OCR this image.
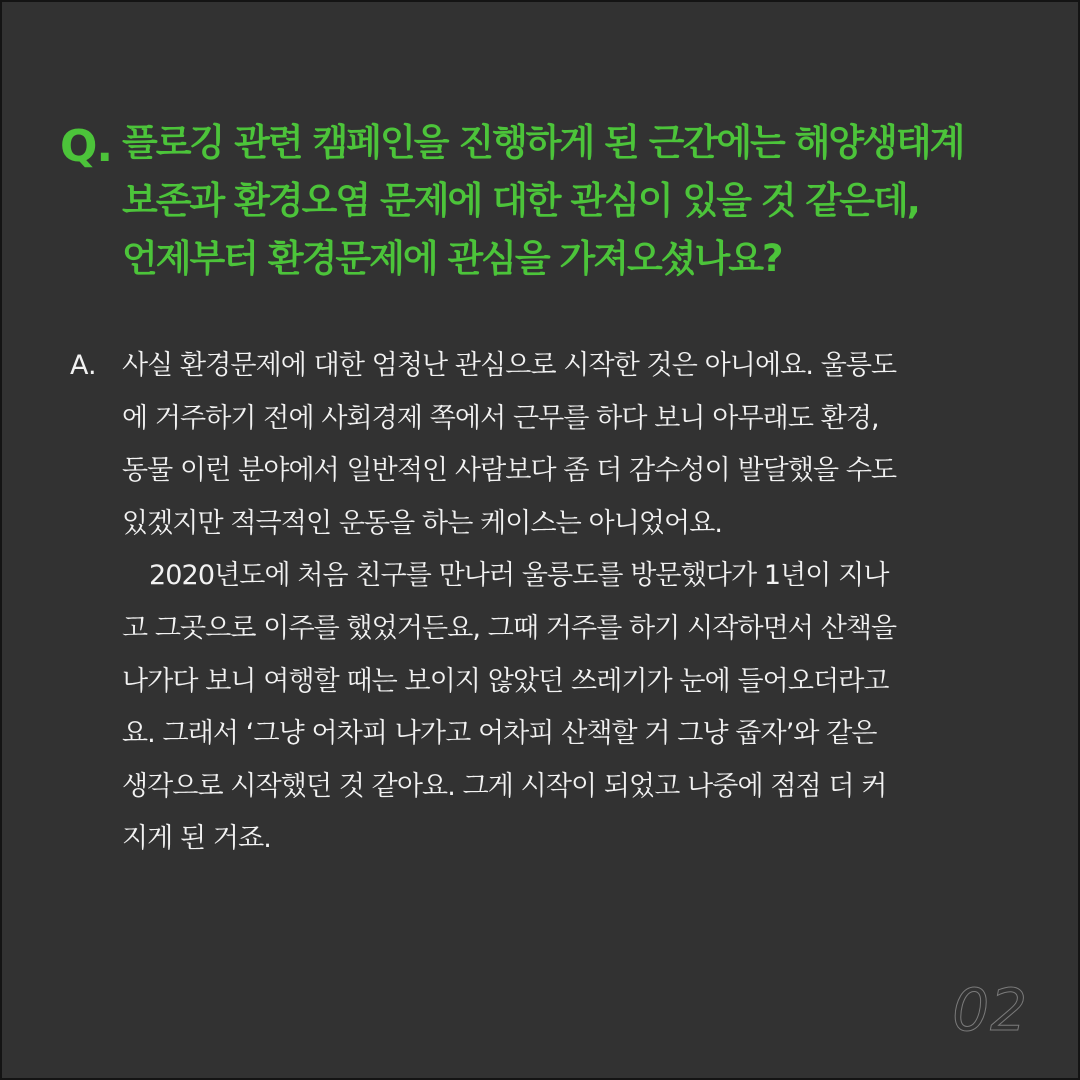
Q. 플로깅 관련 캠페인을 진행하게 된 근간에는 해양생태계
보존과 환경오염 문제에 대한 관심이 있을 것 같은데,
언제부터 환경문제에 관심을 가져오셨나요?
A. 사실 환경문제에 대한 엄청난 관심으로 시작한 것은 아니에요. 울릉도
에 거주하기 전에 사회경제 쪽에서 근무를 하다 보니 아무래도 환경,
동물 이런 분야에서 일반적인 사람보다 좀 더 감수성이 발달했을 수도
있겠지만 적극적인 운동을 하는 케이스는 아니었어요.
2020년도에 처음 친구를 만나러 울릉도를 방문했다가 1년이 지나
고 그곳으로 이주를 했었거든요, 그때 거주를 하기 시작하면서 산책을
나가다 보니 여행할 때는 보이지 않았던 쓰레기가 눈에 들어오더라고
요. 그래서 ‘그냥 어차피 나가고 어차피 산책할 거 그냥 줍자’와 같은
생각으로 시작했던 것 같아요. 그게 시작이 되었고 나중에 점점 더 커
지게 된 거죠.
02
